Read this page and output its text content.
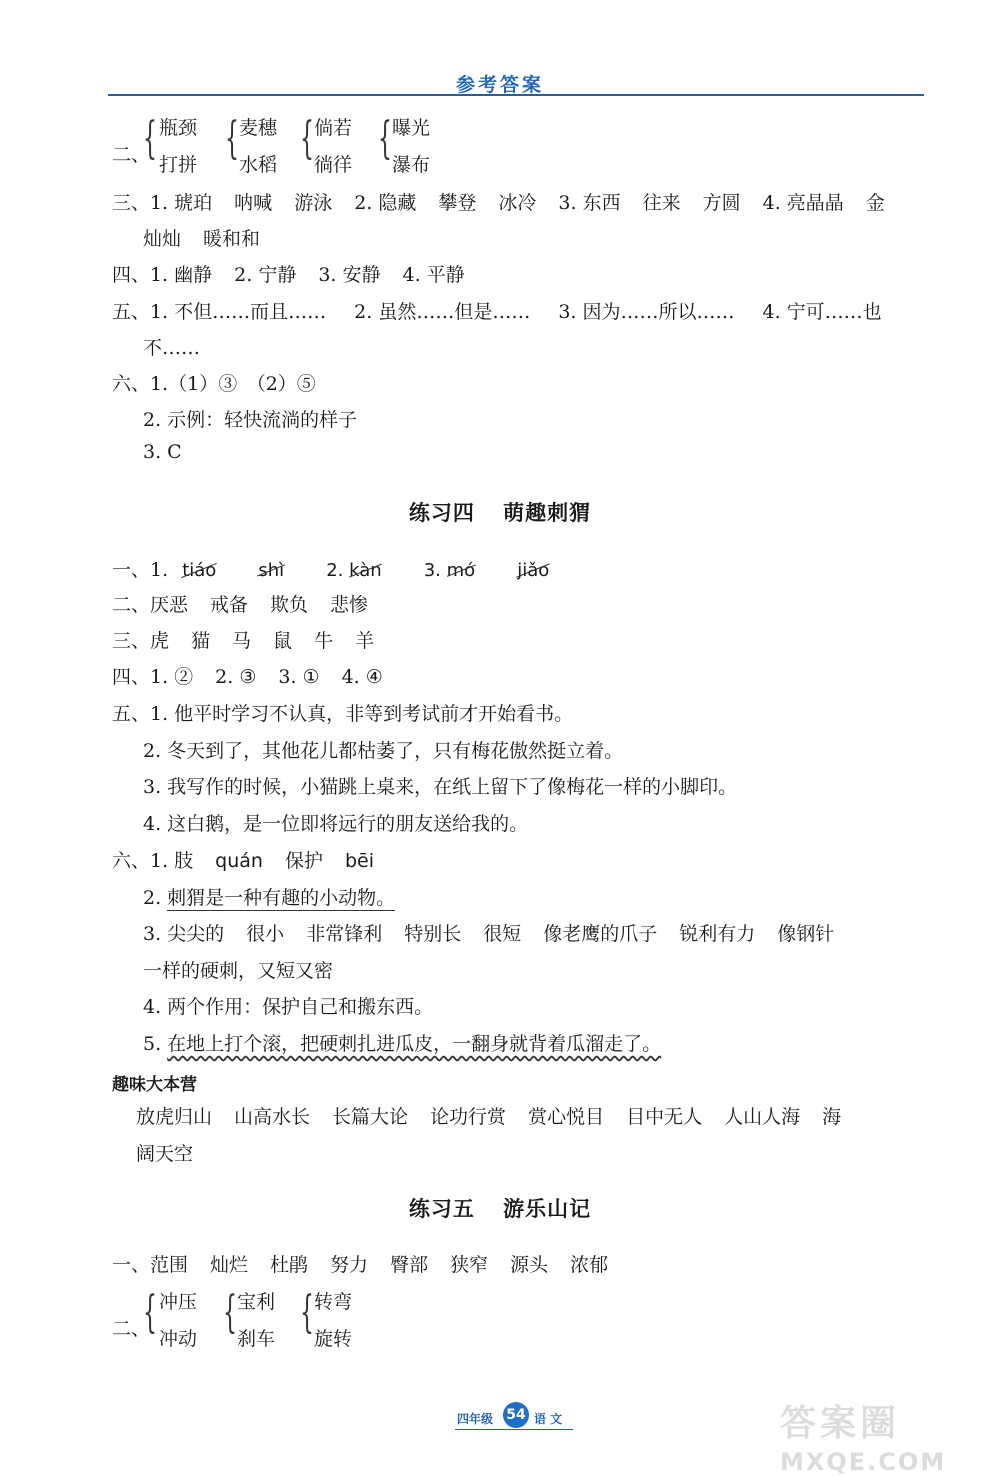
参考答案
二、
{ 瓶颈
打拼
{ 麦穗
水稻
{ 倘若
徜徉
{ 曝光
瀑布
三、1. 琥珀 呐喊 游泳 2. 隐藏 攀登 冰冷 3. 东西 往来 方圆 4. 亮晶晶 金
灿灿 暖和和
四、1. 幽静 2. 宁静 3. 安静 4. 平静
五、1. 不但……而且…… 2. 虽然……但是…… 3. 因为……所以…… 4. 宁可……也
不……
六、1.（1）③　（2）⑤
2. 示例：轻快流淌的样子
3. C
练习四 萌趣刺猬
一、1. tiáo shì 2. kàn 3. mó jiǎo
二、厌恶 戒备 欺负 悲惨
三、虎 猫 马 鼠 牛 羊
四、1. ② 2. ③ 3. ① 4. ④
五、1. 他平时学习不认真，非等到考试前才开始看书。
2. 冬天到了，其他花儿都枯萎了，只有梅花傲然挺立着。
3. 我写作的时候，小猫跳上桌来，在纸上留下了像梅花一样的小脚印。
4. 这白鹅，是一位即将远行的朋友送给我的。
六、1. 肢 quán 保护 bēi
2. 刺猬是一种有趣的小动物。
3. 尖尖的 很小 非常锋利 特别长 很短 像老鹰的爪子 锐利有力 像钢针
一样的硬刺，又短又密
4. 两个作用：保护自己和搬东西。
5. 在地上打个滚，把硬刺扎进瓜皮，一翻身就背着瓜溜走了。
趣味大本营
放虎归山 山高水长 长篇大论 论功行赏 赏心悦目 目中无人 人山人海 海
阔天空
练习五 游乐山记
一、范围 灿烂 杜鹃 努力 臀部 狭窄 源头 浓郁
二、
{ 冲压
冲动
{ 宝利
刹车
{ 转弯
旋转
四年级 54 语 文	答案圈
MXQE.COM
